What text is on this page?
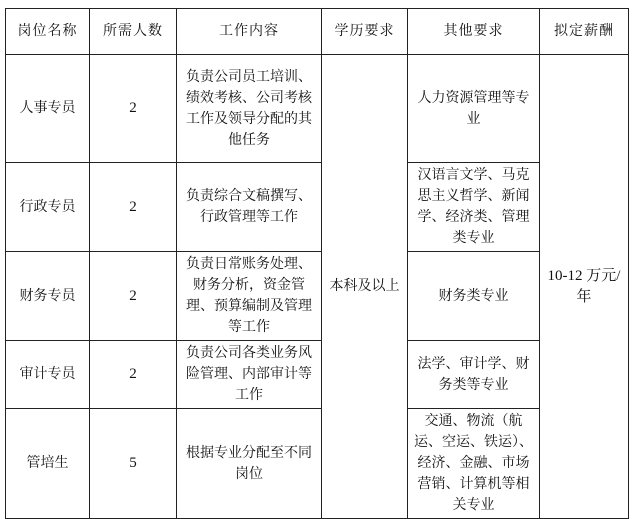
岗位名称	所需人数	工作内容	学历要求	其他要求	拟定薪酬
人事专员	2	负责公司员工培训、绩效考核、公司考核工作及领导分配的其他任务	本科及以上	人力资源管理等专业	10-12 万元/年
行政专员	2	负责综合文稿撰写、行政管理等工作		汉语言文学、马克思主义哲学、新闻学、经济类、管理类专业	
财务专员	2	负责日常账务处理、财务分析，资金管理、预算编制及管理等工作		财务类专业	
审计专员	2	负责公司各类业务风险管理、内部审计等工作		法学、审计学、财务类等专业	
管培生	5	根据专业分配至不同岗位		交通、物流（航运、空运、铁运）、经济、金融、市场营销、计算机等相关专业	
